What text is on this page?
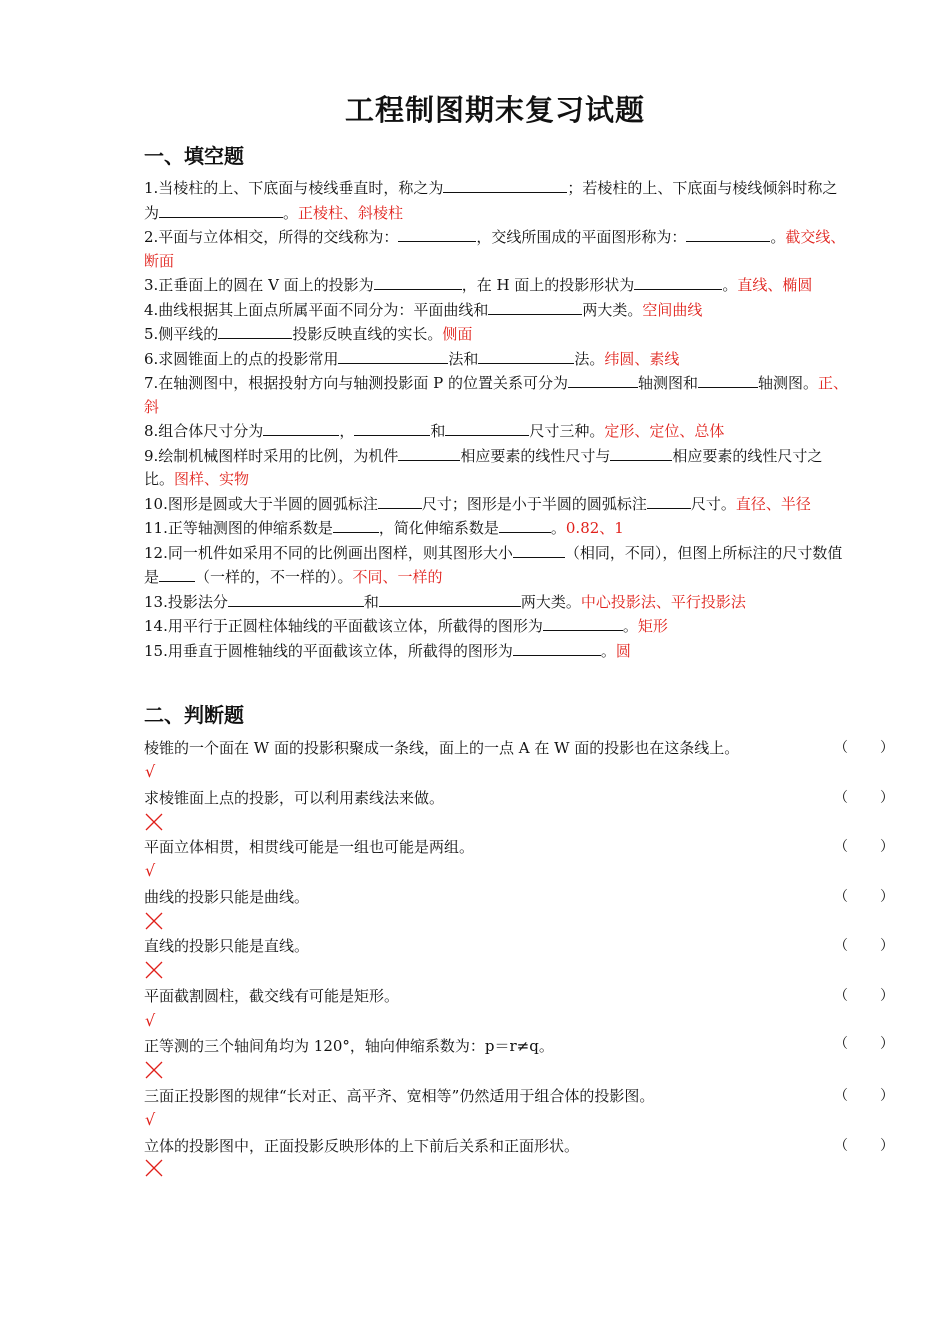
工程制图期末复习试题
一、填空题

1.当棱柱的上、下底面与棱线垂直时，称之为	；若棱柱的上、下底面与棱线倾斜时称之为	。正棱柱、斜棱柱

2.平面与立体相交，所得的交线称为：	，交线所围成的平面图形称为：	。截交线、断面

3.正垂面上的圆在 V 面上的投影为	，在 H 面上的投影形状为	。直线、椭圆

4.曲线根据其上面点所属平面不同分为：平面曲线和	两大类。空间曲线

5.侧平线的	投影反映直线的实长。侧面

6.求圆锥面上的点的投影常用	法和	法。纬圆、素线

7.在轴测图中，根据投射方向与轴测投影面 P 的位置关系可分为	轴测图和	轴测图。正、斜

8.组合体尺寸分为	，	和	尺寸三种。定形、定位、总体

9.绘制机械图样时采用的比例，为机件	相应要素的线性尺寸与	相应要素的线性尺寸之比。图样、实物

10.图形是圆或大于半圆的圆弧标注	尺寸；图形是小于半圆的圆弧标注	尺寸。直径、半径

11.正等轴测图的伸缩系数是	，简化伸缩系数是	。0.82、1

12.同一机件如采用不同的比例画出图样，则其图形大小	（相同，不同），但图上所标注的尺寸数值是 （一样的，不一样的）。不同、一样的

13.投影法分	和	两大类。中心投影法、平行投影法

14.用平行于正圆柱体轴线的平面截该立体，所截得的图形为	。矩形

15.用垂直于圆椎轴线的平面截该立体，所截得的图形为	。圆

二、判断题
棱锥的一个面在 W 面的投影积聚成一条线，面上的一点 A 在 W 面的投影也在这条线上。	（ ）
√
求棱锥面上点的投影，可以利用素线法来做。	（ ）
平面立体相贯，相贯线可能是一组也可能是两组。	（ ）
√
曲线的投影只能是曲线。	（ ）
直线的投影只能是直线。	（ ）
平面截割圆柱，截交线有可能是矩形。	（ ）
√
正等测的三个轴间角均为 120°，轴向伸缩系数为：p＝r≠q。	（ ）
三面正投影图的规律“长对正、高平齐、宽相等”仍然适用于组合体的投影图。	（ ）
√
立体的投影图中，正面投影反映形体的上下前后关系和正面形状。	（ ）
